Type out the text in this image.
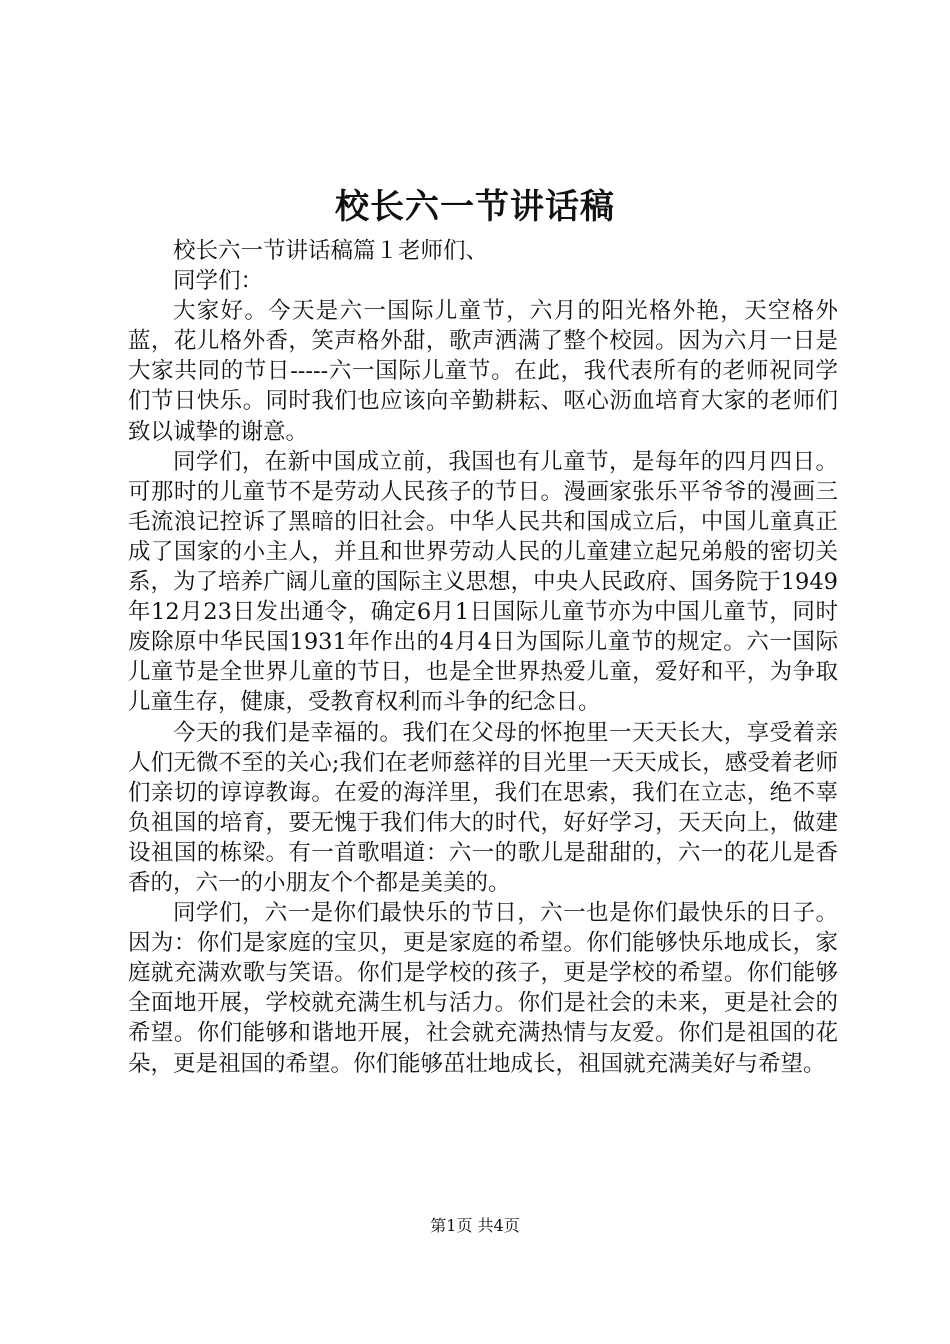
校长六一节讲话稿

校长六一节讲话稿篇１老师们、

同学们：

大家好。今天是六一国际儿童节，六月的阳光格外艳，天空格外蓝，花儿格外香，笑声格外甜，歌声洒满了整个校园。因为六月一日是大家共同的节日-----六一国际儿童节。在此，我代表所有的老师祝同学们节日快乐。同时我们也应该向辛勤耕耘、呕心沥血培育大家的老师们致以诚挚的谢意。

同学们，在新中国成立前，我国也有儿童节，是每年的四月四日。可那时的儿童节不是劳动人民孩子的节日。漫画家张乐平爷爷的漫画三毛流浪记控诉了黑暗的旧社会。中华人民共和国成立后，中国儿童真正成了国家的小主人，并且和世界劳动人民的儿童建立起兄弟般的密切关系，为了培养广阔儿童的国际主义思想，中央人民政府、国务院于1949年12月23日发出通令，确定6月1日国际儿童节亦为中国儿童节，同时废除原中华民国1931年作出的4月4日为国际儿童节的规定。六一国际儿童节是全世界儿童的节日，也是全世界热爱儿童，爱好和平，为争取儿童生存，健康，受教育权利而斗争的纪念日。

今天的我们是幸福的。我们在父母的怀抱里一天天长大，享受着亲人们无微不至的关心;我们在老师慈祥的目光里一天天成长，感受着老师们亲切的谆谆教诲。在爱的海洋里，我们在思索，我们在立志，绝不辜负祖国的培育，要无愧于我们伟大的时代，好好学习，天天向上，做建设祖国的栋梁。有一首歌唱道：六一的歌儿是甜甜的，六一的花儿是香香的，六一的小朋友个个都是美美的。

同学们，六一是你们最快乐的节日，六一也是你们最快乐的日子。因为：你们是家庭的宝贝，更是家庭的希望。你们能够快乐地成长，家庭就充满欢歌与笑语。你们是学校的孩子，更是学校的希望。你们能够全面地开展，学校就充满生机与活力。你们是社会的未来，更是社会的希望。你们能够和谐地开展，社会就充满热情与友爱。你们是祖国的花朵，更是祖国的希望。你们能够茁壮地成长，祖国就充满美好与希望。

第1页 共4页
